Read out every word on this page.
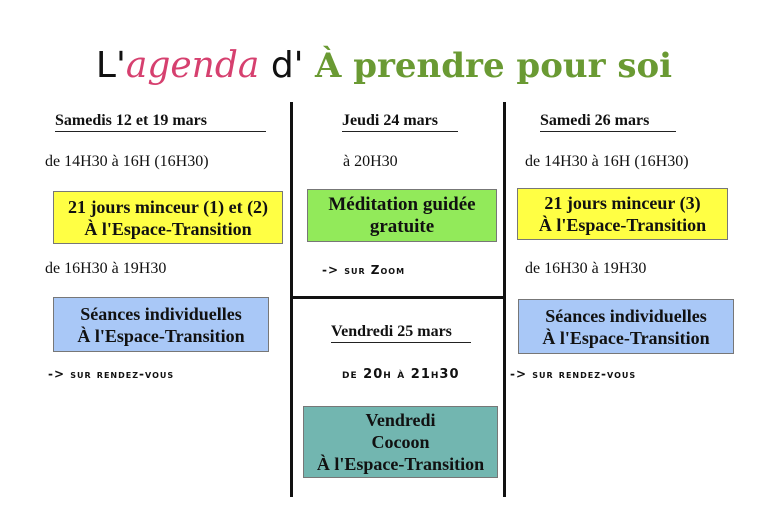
L'agenda d' À prendre pour soi
Samedis 12 et 19 mars
de 14H30 à 16H (16H30)
21 jours minceur (1) et (2)
À l'Espace-Transition
de 16H30 à 19H30
Séances individuelles
À l'Espace-Transition
-> sur rendez-vous
Jeudi 24 mars
à 20H30
Méditation guidée
gratuite
-> sur Zoom
Vendredi 25 mars
de 20h à 21h30
Vendredi
Cocoon
À l'Espace-Transition
Samedi 26 mars
de 14H30 à 16H (16H30)
21 jours minceur (3)
À l'Espace-Transition
de 16H30 à 19H30
Séances individuelles
À l'Espace-Transition
-> sur rendez-vous
